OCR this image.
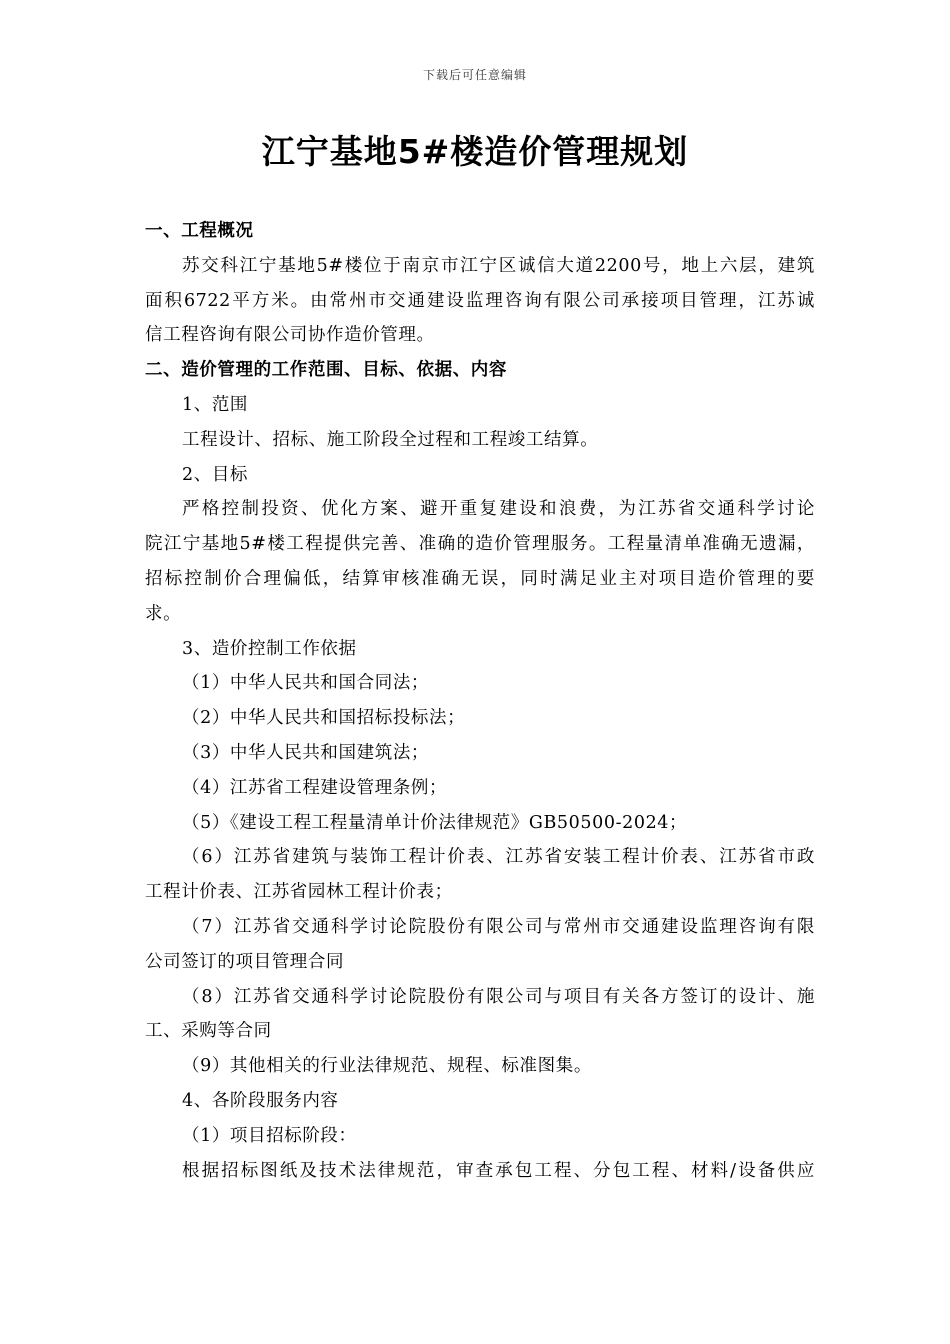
下载后可任意编辑
江宁基地5#楼造价管理规划
一、工程概况
苏交科江宁基地5#楼位于南京市江宁区诚信大道2200号，地上六层，建筑
面积6722平方米。由常州市交通建设监理咨询有限公司承接项目管理，江苏诚
信工程咨询有限公司协作造价管理。
二、造价管理的工作范围、目标、依据、内容
1、范围
工程设计、招标、施工阶段全过程和工程竣工结算。
2、目标
严格控制投资、优化方案、避开重复建设和浪费，为江苏省交通科学讨论
院江宁基地5#楼工程提供完善、准确的造价管理服务。工程量清单准确无遗漏，
招标控制价合理偏低，结算审核准确无误，同时满足业主对项目造价管理的要
求。
3、造价控制工作依据
（1）中华人民共和国合同法；
（2）中华人民共和国招标投标法；
（3）中华人民共和国建筑法；
（4）江苏省工程建设管理条例；
（5）《建设工程工程量清单计价法律规范》GB50500-2024；
（6）江苏省建筑与装饰工程计价表、江苏省安装工程计价表、江苏省市政
工程计价表、江苏省园林工程计价表；
（7）江苏省交通科学讨论院股份有限公司与常州市交通建设监理咨询有限
公司签订的项目管理合同
（8）江苏省交通科学讨论院股份有限公司与项目有关各方签订的设计、施
工、采购等合同
（9）其他相关的行业法律规范、规程、标准图集。
4、各阶段服务内容
（1）项目招标阶段：
根据招标图纸及技术法律规范，审查承包工程、分包工程、材料/设备供应
